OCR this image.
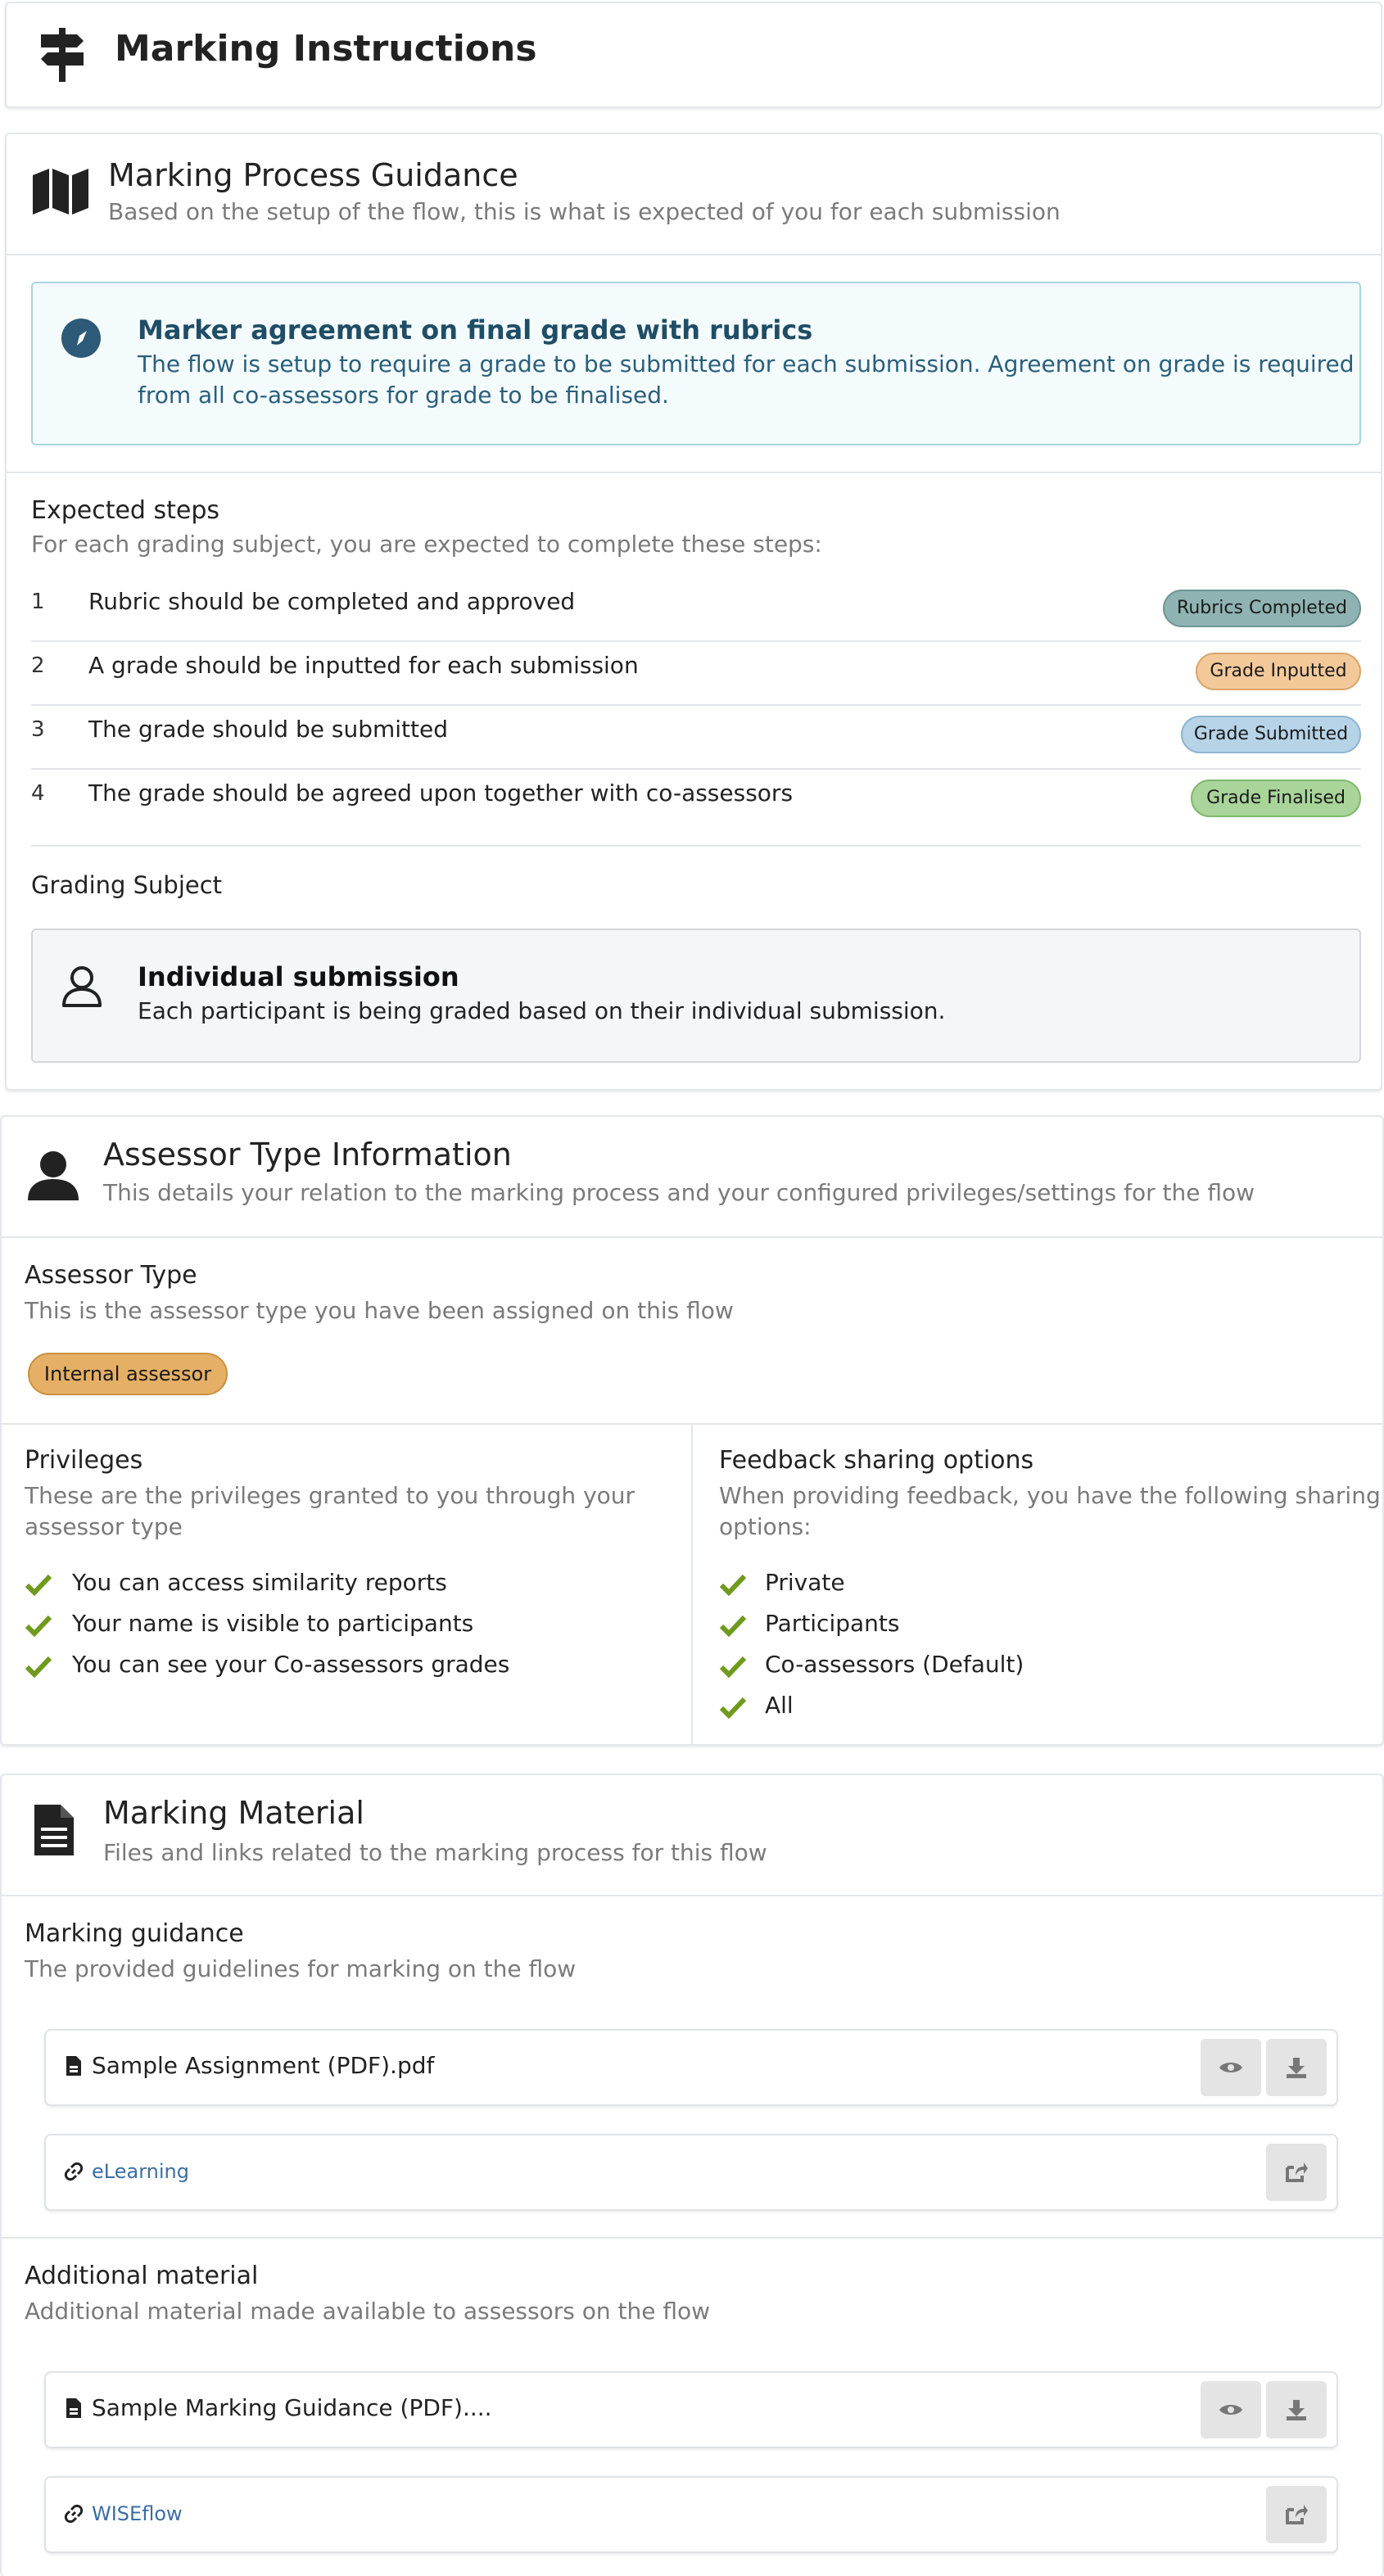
Marking Instructions
Marking Process Guidance
Based on the setup of the flow, this is what is expected of you for each submission
Marker agreement on final grade with rubrics
The flow is setup to require a grade to be submitted for each submission. Agreement on grade is required
from all co-assessors for grade to be finalised.
Expected steps
For each grading subject, you are expected to complete these steps:
1 Rubric should be completed and approved	Rubrics Completed
2 A grade should be inputted for each submission	Grade Inputted
3 The grade should be submitted	Grade Submitted
4 The grade should be agreed upon together with co-assessors	Grade Finalised
Grading Subject
Individual submission
Each participant is being graded based on their individual submission.
Assessor Type Information
This details your relation to the marking process and your configured privileges/settings for the flow
Assessor Type
This is the assessor type you have been assigned on this flow
Internal assessor
Privileges
These are the privileges granted to you through your
assessor type
You can access similarity reports
Your name is visible to participants
You can see your Co-assessors grades
Feedback sharing options
When providing feedback, you have the following sharing
options:
Private
Participants
Co-assessors (Default)
All
Marking Material
Files and links related to the marking process for this flow
Marking guidance
The provided guidelines for marking on the flow
Sample Assignment (PDF).pdf
eLearning
Additional material
Additional material made available to assessors on the flow
Sample Marking Guidance (PDF)....
WISEflow
